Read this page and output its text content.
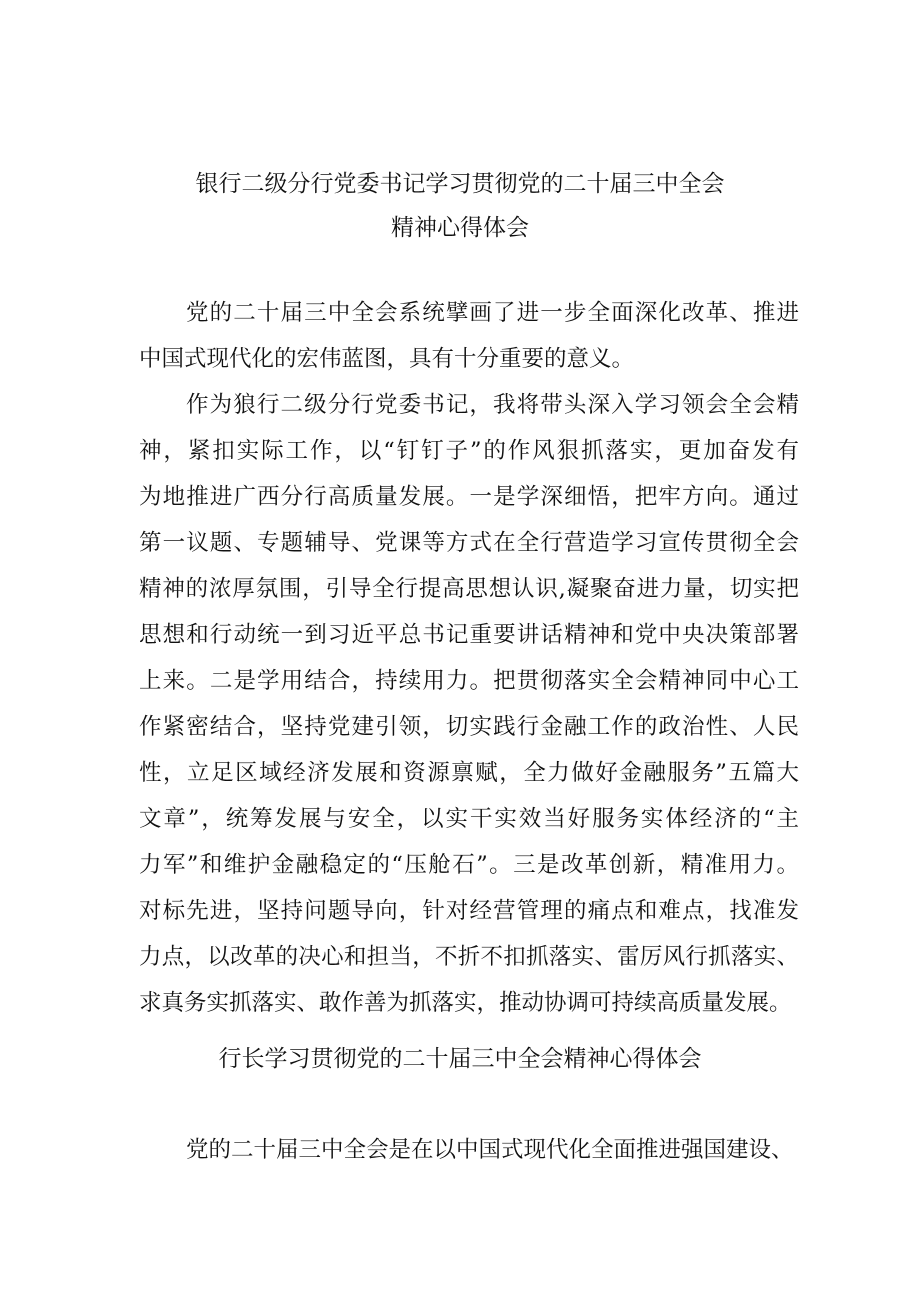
银行二级分行党委书记学习贯彻党的二十届三中全会
精神心得体会
党的二十届三中全会系统擘画了进一步全面深化改革、推进
中国式现代化的宏伟蓝图，具有十分重要的意义。
作为狼行二级分行党委书记，我将带头深入学习领会全会精
神，紧扣实际工作，以“钉钉子”的作风狠抓落实，更加奋发有
为地推进广西分行高质量发展。一是学深细悟，把牢方向。通过
第一议题、专题辅导、党课等方式在全行营造学习宣传贯彻全会
精神的浓厚氛围，引导全行提高思想认识,凝聚奋进力量，切实把
思想和行动统一到习近平总书记重要讲话精神和党中央决策部署
上来。二是学用结合，持续用力。把贯彻落实全会精神同中心工
作紧密结合，坚持党建引领，切实践行金融工作的政治性、人民
性，立足区域经济发展和资源禀赋，全力做好金融服务”五篇大
文章”，统筹发展与安全，以实干实效当好服务实体经济的“主
力军”和维护金融稳定的“压舱石”。三是改革创新，精准用力。
对标先进，坚持问题导向，针对经营管理的痛点和难点，找准发
力点，以改革的决心和担当，不折不扣抓落实、雷厉风行抓落实、
求真务实抓落实、敢作善为抓落实，推动协调可持续高质量发展。
行长学习贯彻党的二十届三中全会精神心得体会
党的二十届三中全会是在以中国式现代化全面推进强国建设、
